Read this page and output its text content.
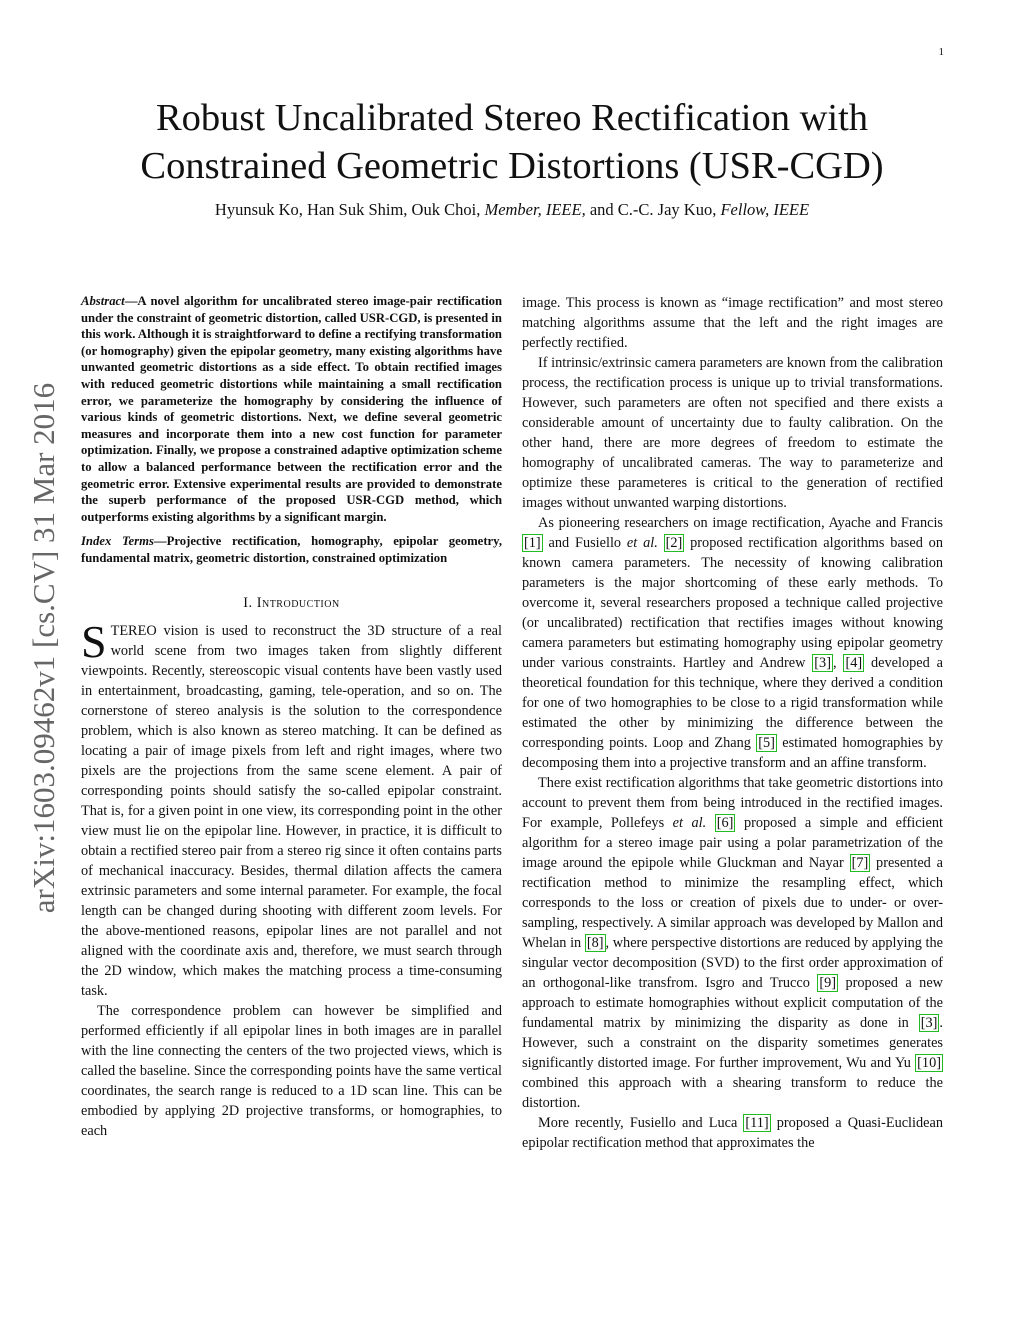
1
arXiv:1603.09462v1 [cs.CV] 31 Mar 2016
Robust Uncalibrated Stereo Rectification with
Constrained Geometric Distortions (USR-CGD)
Hyunsuk Ko, Han Suk Shim, Ouk Choi, Member, IEEE, and C.-C. Jay Kuo, Fellow, IEEE

Abstract—A novel algorithm for uncalibrated stereo image-pair rectification under the constraint of geometric distortion, called USR-CGD, is presented in this work. Although it is straightforward to define a rectifying transformation (or homography) given the epipolar geometry, many existing algorithms have unwanted geometric distortions as a side effect. To obtain rectified images with reduced geometric distortions while maintaining a small rectification error, we parameterize the homography by considering the influence of various kinds of geometric distortions. Next, we define several geometric measures and incorporate them into a new cost function for parameter optimization. Finally, we propose a constrained adaptive optimization scheme to allow a balanced performance between the rectification error and the geometric error. Extensive experimental results are provided to demonstrate the superb performance of the proposed USR-CGD method, which outperforms existing algorithms by a significant margin.

Index Terms—Projective rectification, homography, epipolar geometry, fundamental matrix, geometric distortion, constrained optimization

I. Introduction

STEREO vision is used to reconstruct the 3D structure of a real world scene from two images taken from slightly different viewpoints. Recently, stereoscopic visual contents have been vastly used in entertainment, broadcasting, gaming, tele-operation, and so on. The cornerstone of stereo analysis is the solution to the correspondence problem, which is also known as stereo matching. It can be defined as locating a pair of image pixels from left and right images, where two pixels are the projections from the same scene element. A pair of corresponding points should satisfy the so-called epipolar constraint. That is, for a given point in one view, its corresponding point in the other view must lie on the epipolar line. However, in practice, it is difficult to obtain a rectified stereo pair from a stereo rig since it often contains parts of mechanical inaccuracy. Besides, thermal dilation affects the camera extrinsic parameters and some internal parameter. For example, the focal length can be changed during shooting with different zoom levels. For the above-mentioned reasons, epipolar lines are not parallel and not aligned with the coordinate axis and, therefore, we must search through the 2D window, which makes the matching process a time-consuming task.

The correspondence problem can however be simplified and performed efficiently if all epipolar lines in both images are in parallel with the line connecting the centers of the two projected views, which is called the baseline. Since the corresponding points have the same vertical coordinates, the search range is reduced to a 1D scan line. This can be embodied by applying 2D projective transforms, or homographies, to each

image. This process is known as “image rectification” and most stereo matching algorithms assume that the left and the right images are perfectly rectified.

If intrinsic/extrinsic camera parameters are known from the calibration process, the rectification process is unique up to trivial transformations. However, such parameters are often not specified and there exists a considerable amount of uncertainty due to faulty calibration. On the other hand, there are more degrees of freedom to estimate the homography of uncalibrated cameras. The way to parameterize and optimize these parameteres is critical to the generation of rectified images without unwanted warping distortions.

As pioneering researchers on image rectification, Ayache and Francis [1] and Fusiello et al. [2] proposed rectification algorithms based on known camera parameters. The necessity of knowing calibration parameters is the major shortcoming of these early methods. To overcome it, several researchers proposed a technique called projective (or uncalibrated) rectification that rectifies images without knowing camera parameters but estimating homography using epipolar geometry under various constraints. Hartley and Andrew [3] , [4] developed a theoretical foundation for this technique, where they derived a condition for one of two homographies to be close to a rigid transformation while estimated the other by minimizing the difference between the corresponding points. Loop and Zhang [5] estimated homographies by decomposing them into a projective transform and an affine transform.

There exist rectification algorithms that take geometric distortions into account to prevent them from being introduced in the rectified images. For example, Pollefeys et al. [6] proposed a simple and efficient algorithm for a stereo image pair using a polar parametrization of the image around the epipole while Gluckman and Nayar [7] presented a rectification method to minimize the resampling effect, which corresponds to the loss or creation of pixels due to under- or over-sampling, respectively. A similar approach was developed by Mallon and Whelan in [8] , where perspective distortions are reduced by applying the singular vector decomposition (SVD) to the first order approximation of an orthogonal-like transfrom. Isgro and Trucco [9] proposed a new approach to estimate homographies without explicit computation of the fundamental matrix by minimizing the disparity as done in [3] . However, such a constraint on the disparity sometimes generates significantly distorted image. For further improvement, Wu and Yu [10] combined this approach with a shearing transform to reduce the distortion.

More recently, Fusiello and Luca [11] proposed a Quasi-Euclidean epipolar rectification method that approximates the
